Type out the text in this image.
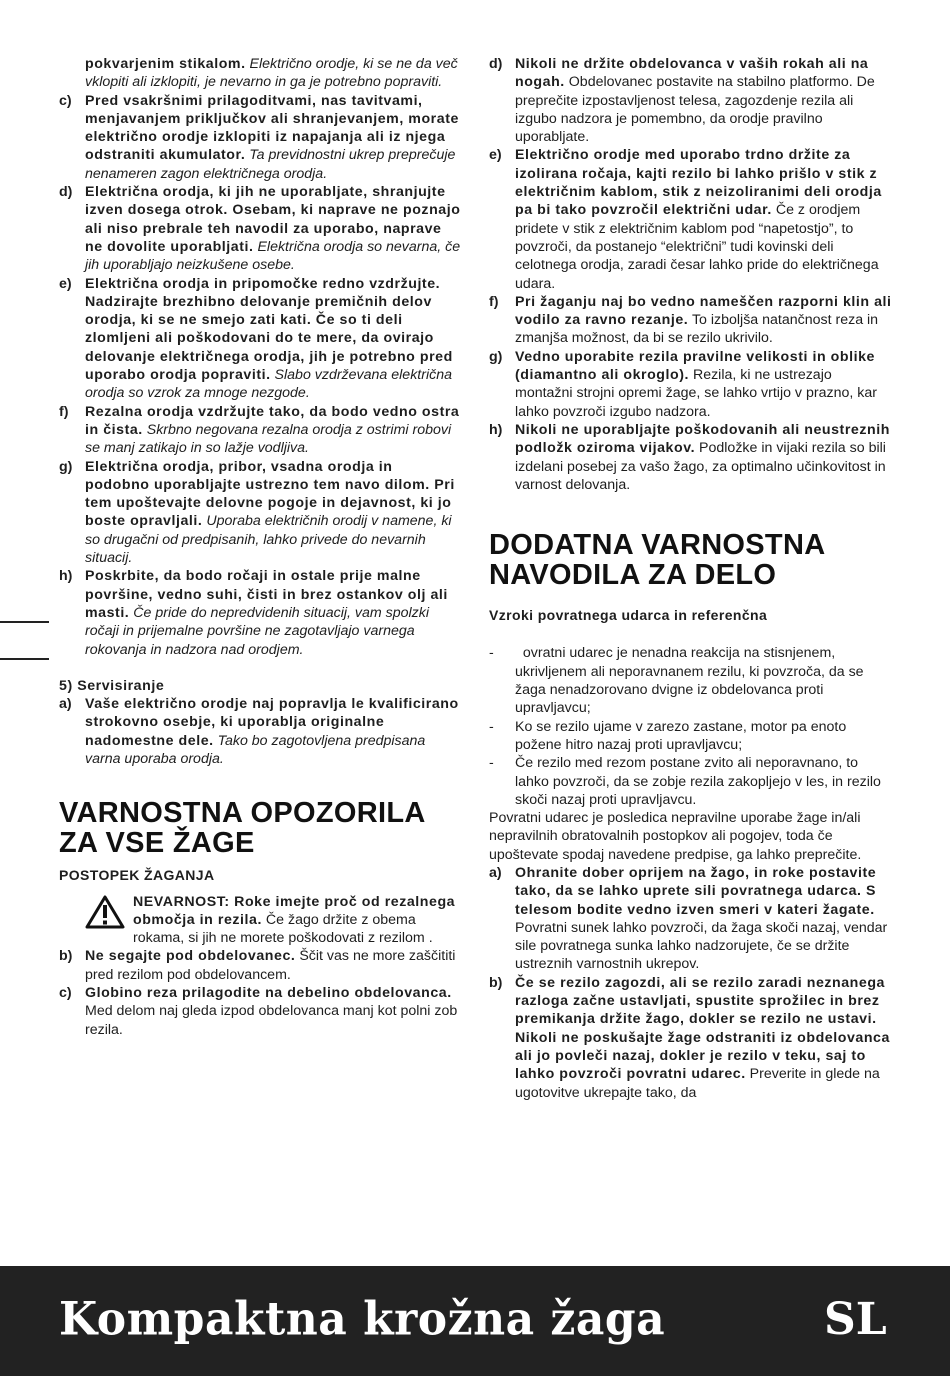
pokvarjenim stikalom. Električno orodje, ki se ne da več vklopiti ali izklopiti, je nevarno in ga je potrebno popraviti.

c) Pred vsakršnimi prilagoditvami, nas tavitvami, menjavanjem priključkov ali shranjevanjem, morate električno orodje izklopiti iz napajanja ali iz njega odstraniti akumulator. Ta previdnostni ukrep preprečuje nenameren zagon električnega orodja.
d) Električna orodja, ki jih ne uporabljate, shranjujte izven dosega otrok. Osebam, ki naprave ne poznajo ali niso prebrale teh navodil za uporabo, naprave ne dovolite uporabljati. Električna orodja so nevarna, če jih uporabljajo neizkušene osebe.
e) Električna orodja in pripomočke redno vzdržujte. Nadzirajte brezhibno delovanje premičnih delov orodja, ki se ne smejo zati kati. Če so ti deli zlomljeni ali poškodovani do te mere, da ovirajo delovanje električnega orodja, jih je potrebno pred uporabo orodja popraviti. Slabo vzdrževana električna orodja so vzrok za mnoge nezgode.
f) Rezalna orodja vzdržujte tako, da bodo vedno ostra in čista. Skrbno negovana rezalna orodja z ostrimi robovi se manj zatikajo in so lažje vodljiva.
g) Električna orodja, pribor, vsadna orodja in podobno uporabljajte ustrezno tem navo dilom. Pri tem upoštevajte delovne pogoje in dejavnost, ki jo boste opravljali. Uporaba električnih orodij v namene, ki so drugačni od predpisanih, lahko privede do nevarnih situacij.
h) Poskrbite, da bodo ročaji in ostale prije malne površine, vedno suhi, čisti in brez ostankov olj ali masti. Če pride do nepredvidenih situacij, vam spolzki ročaji in prijemalne površine ne zagotavljajo varnega rokovanja in nadzora nad orodjem.

5) Servisiranje

a) Vaše električno orodje naj popravlja le kvalificirano strokovno osebje, ki uporablja originalne nadomestne dele. Tako bo zagotovljena predpisana varna uporaba orodja.
VARNOSTNA OPOZORILA ZA VSE ŽAGE

POSTOPEK ŽAGANJA

NEVARNOST: Roke imejte proč od rezalnega območja in rezila. Če žago držite z obema rokama, si jih ne morete poškodovati z rezilom .
b) Ne segajte pod obdelovanec. Ščit vas ne more zaščititi pred rezilom pod obdelovancem.
c) Globino reza prilagodite na debelino obdelovanca. Med delom naj gleda izpod obdelovanca manj kot polni zob rezila.
d) Nikoli ne držite obdelovanca v vaših rokah ali na nogah. Obdelovanec postavite na stabilno platformo. De preprečite izpostavljenost telesa, zagozdenje rezila ali izgubo nadzora je pomembno, da orodje pravilno uporabljate.
e) Električno orodje med uporabo trdno držite za izolirana ročaja, kajti rezilo bi lahko prišlo v stik z električnim kablom, stik z neizoliranimi deli orodja pa bi tako povzročil električni udar. Če z orodjem pridete v stik z električnim kablom pod “napetostjo”, to povzroči, da postanejo “električni” tudi kovinski deli celotnega orodja, zaradi česar lahko pride do električnega udara.
f) Pri žaganju naj bo vedno nameščen razporni klin ali vodilo za ravno rezanje. To izboljša natančnost reza in zmanjša možnost, da bi se rezilo ukrivilo.
g) Vedno uporabite rezila pravilne velikosti in oblike (diamantno ali okroglo). Rezila, ki ne ustrezajo montažni strojni opremi žage, se lahko vrtijo v prazno, kar lahko povzroči izgubo nadzora.
h) Nikoli ne uporabljajte poškodovanih ali neustreznih podložk oziroma vijakov. Podložke in vijaki rezila so bili izdelani posebej za vašo žago, za optimalno učinkovitost in varnost delovanja.
DODATNA VARNOSTNA NAVODILA ZA DELO

Vzroki povratnega udarca in referenčna

- ovratni udarec je nenadna reakcija na stisnjenem, ukrivljenem ali neporavnanem rezilu, ki povzroča, da se žaga nenadzorovano dvigne iz obdelovanca proti upravljavcu;
- Ko se rezilo ujame v zarezo zastane, motor pa enoto požene hitro nazaj proti upravljavcu;
- Če rezilo med rezom postane zvito ali neporavnano, to lahko povzroči, da se zobje rezila zakopljejo v les, in rezilo skoči nazaj proti upravljavcu.

Povratni udarec je posledica nepravilne uporabe žage in/ali nepravilnih obratovalnih postopkov ali pogojev, toda če upoštevate spodaj navedene predpise, ga lahko preprečite.

a) Ohranite dober oprijem na žago, in roke postavite tako, da se lahko uprete sili povratnega udarca. S telesom bodite vedno izven smeri v kateri žagate. Povratni sunek lahko povzroči, da žaga skoči nazaj, vendar sile povratnega sunka lahko nadzorujete, če se držite ustreznih varnostnih ukrepov.
b) Če se rezilo zagozdi, ali se rezilo zaradi neznanega razloga začne ustavljati, spustite sprožilec in brez premikanja držite žago, dokler se rezilo ne ustavi. Nikoli ne poskušajte žage odstraniti iz obdelovanca ali jo povleči nazaj, dokler je rezilo v teku, saj to lahko povzroči povratni udarec. Preverite in glede na ugotovitve ukrepajte tako, da
Kompaktna krožna žaga	SL
